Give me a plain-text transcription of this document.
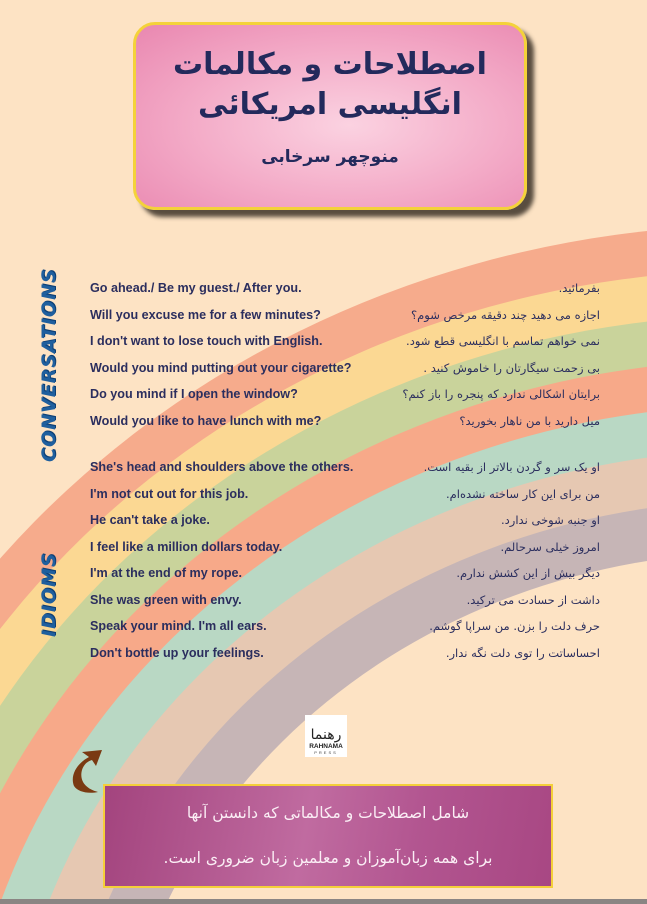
اصطلاحات و مکالمات

انگلیسی امریکائی

منوچهر سرخابی
CONVERSATIONS
IDIOMS
Go ahead./ Be my guest./ After you.	بفرمائید.
Will you excuse me for a few minutes?	اجازه می دهید چند دقیقه مرخص شوم؟
I don't want to lose touch with English.	نمی خواهم تماسم با انگلیسی قطع شود.
Would you mind putting out your cigarette?	بی زحمت سیگارتان را خاموش کنید .
Do you mind if I open the window?	برایتان اشکالی ندارد که پنجره را باز کنم؟
Would you like to have lunch with me?	میل دارید با من ناهار بخورید؟
She's head and shoulders above the others.	او یک سر و گردن بالاتر از بقیه است.
I'm not cut out for this job.	من برای این کار ساخته نشده‌ام.
He can't take a joke.	او جنبه شوخی ندارد.
I feel like a million dollars today.	امروز خیلی سرحالم.
I'm at the end of my rope.	دیگر بیش از این کشش ندارم.
She was green with envy.	داشت از حسادت می ترکید.
Speak your mind. I'm all ears.	حرف دلت را بزن. من سراپا گوشم.
Don't bottle up your feelings.	احساساتت را توی دلت نگه ندار.
رهنما
RAHNAMA
PRESS

شامل اصطلاحات و مکالماتی که دانستن آنها

برای همه زبان‌آموزان و معلمین زبان ضروری است.
